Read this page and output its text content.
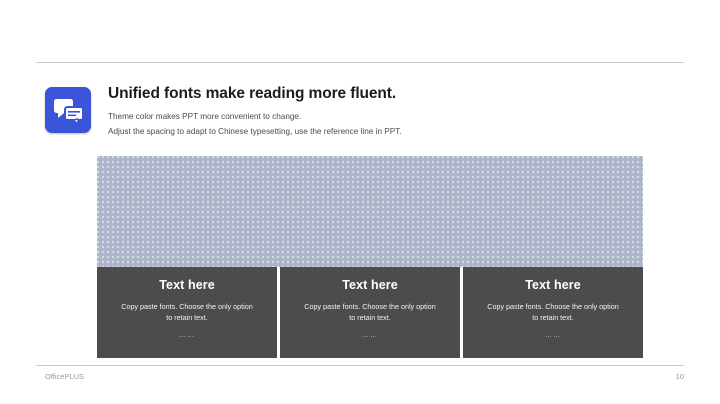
Unified fonts make reading more fluent.
Theme color makes PPT more convenient to change.
Adjust the spacing to adapt to Chinese typesetting, use the reference line in PPT.
Text here
Copy paste fonts. Choose the only option to retain text.
……
Text here
Copy paste fonts. Choose the only option to retain text.
……
Text here
Copy paste fonts. Choose the only option to retain text.
……
OfficePLUS	10
